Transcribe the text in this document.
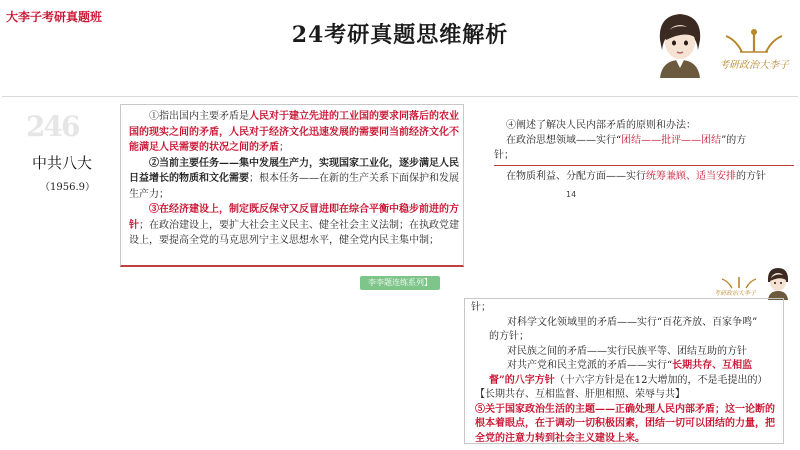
大李子考研真题班
24考研真题思维解析
考研政治大李子
246
中共八大
（1956.9）
①指出国内主要矛盾是人民对于建立先进的工业国的要求同落后的农业国的现实之间的矛盾，人民对于经济文化迅速发展的需要同当前经济文化不能满足人民需要的状况之间的矛盾；
②当前主要任务——集中发展生产力，实现国家工业化，逐步满足人民日益增长的物质和文化需要；根本任务——在新的生产关系下面保护和发展生产力；
③在经济建设上，制定既反保守又反冒进即在综合平衡中稳步前进的方针；在政治建设上，要扩大社会主义民主、健全社会主义法制；在执政党建设上，要提高全党的马克思列宁主义思想水平，健全党内民主集中制；
④阐述了解决人民内部矛盾的原则和办法：
在政治思想领域——实行“团结——批评——团结”的方
针；
在物质利益、分配方面——实行统筹兼顾、适当安排的方针
14
李李题连练系列】
考研政治大李子
针；
对科学文化领域里的矛盾——实行“百花齐放、百家争鸣”
的方针；
对民族之间的矛盾——实行民族平等、团结互助的方针
对共产党和民主党派的矛盾——实行“长期共存、互相监
督”的八字方针（十六字方针是在12大增加的，不是毛提出的）
【长期共存、互相监督、肝胆相照、荣辱与共】
⑤关于国家政治生活的主题——正确处理人民内部矛盾；这一论断的根本着眼点，在于调动一切积极因素，团结一切可以团结的力量，把全党的注意力转到社会主义建设上来。
